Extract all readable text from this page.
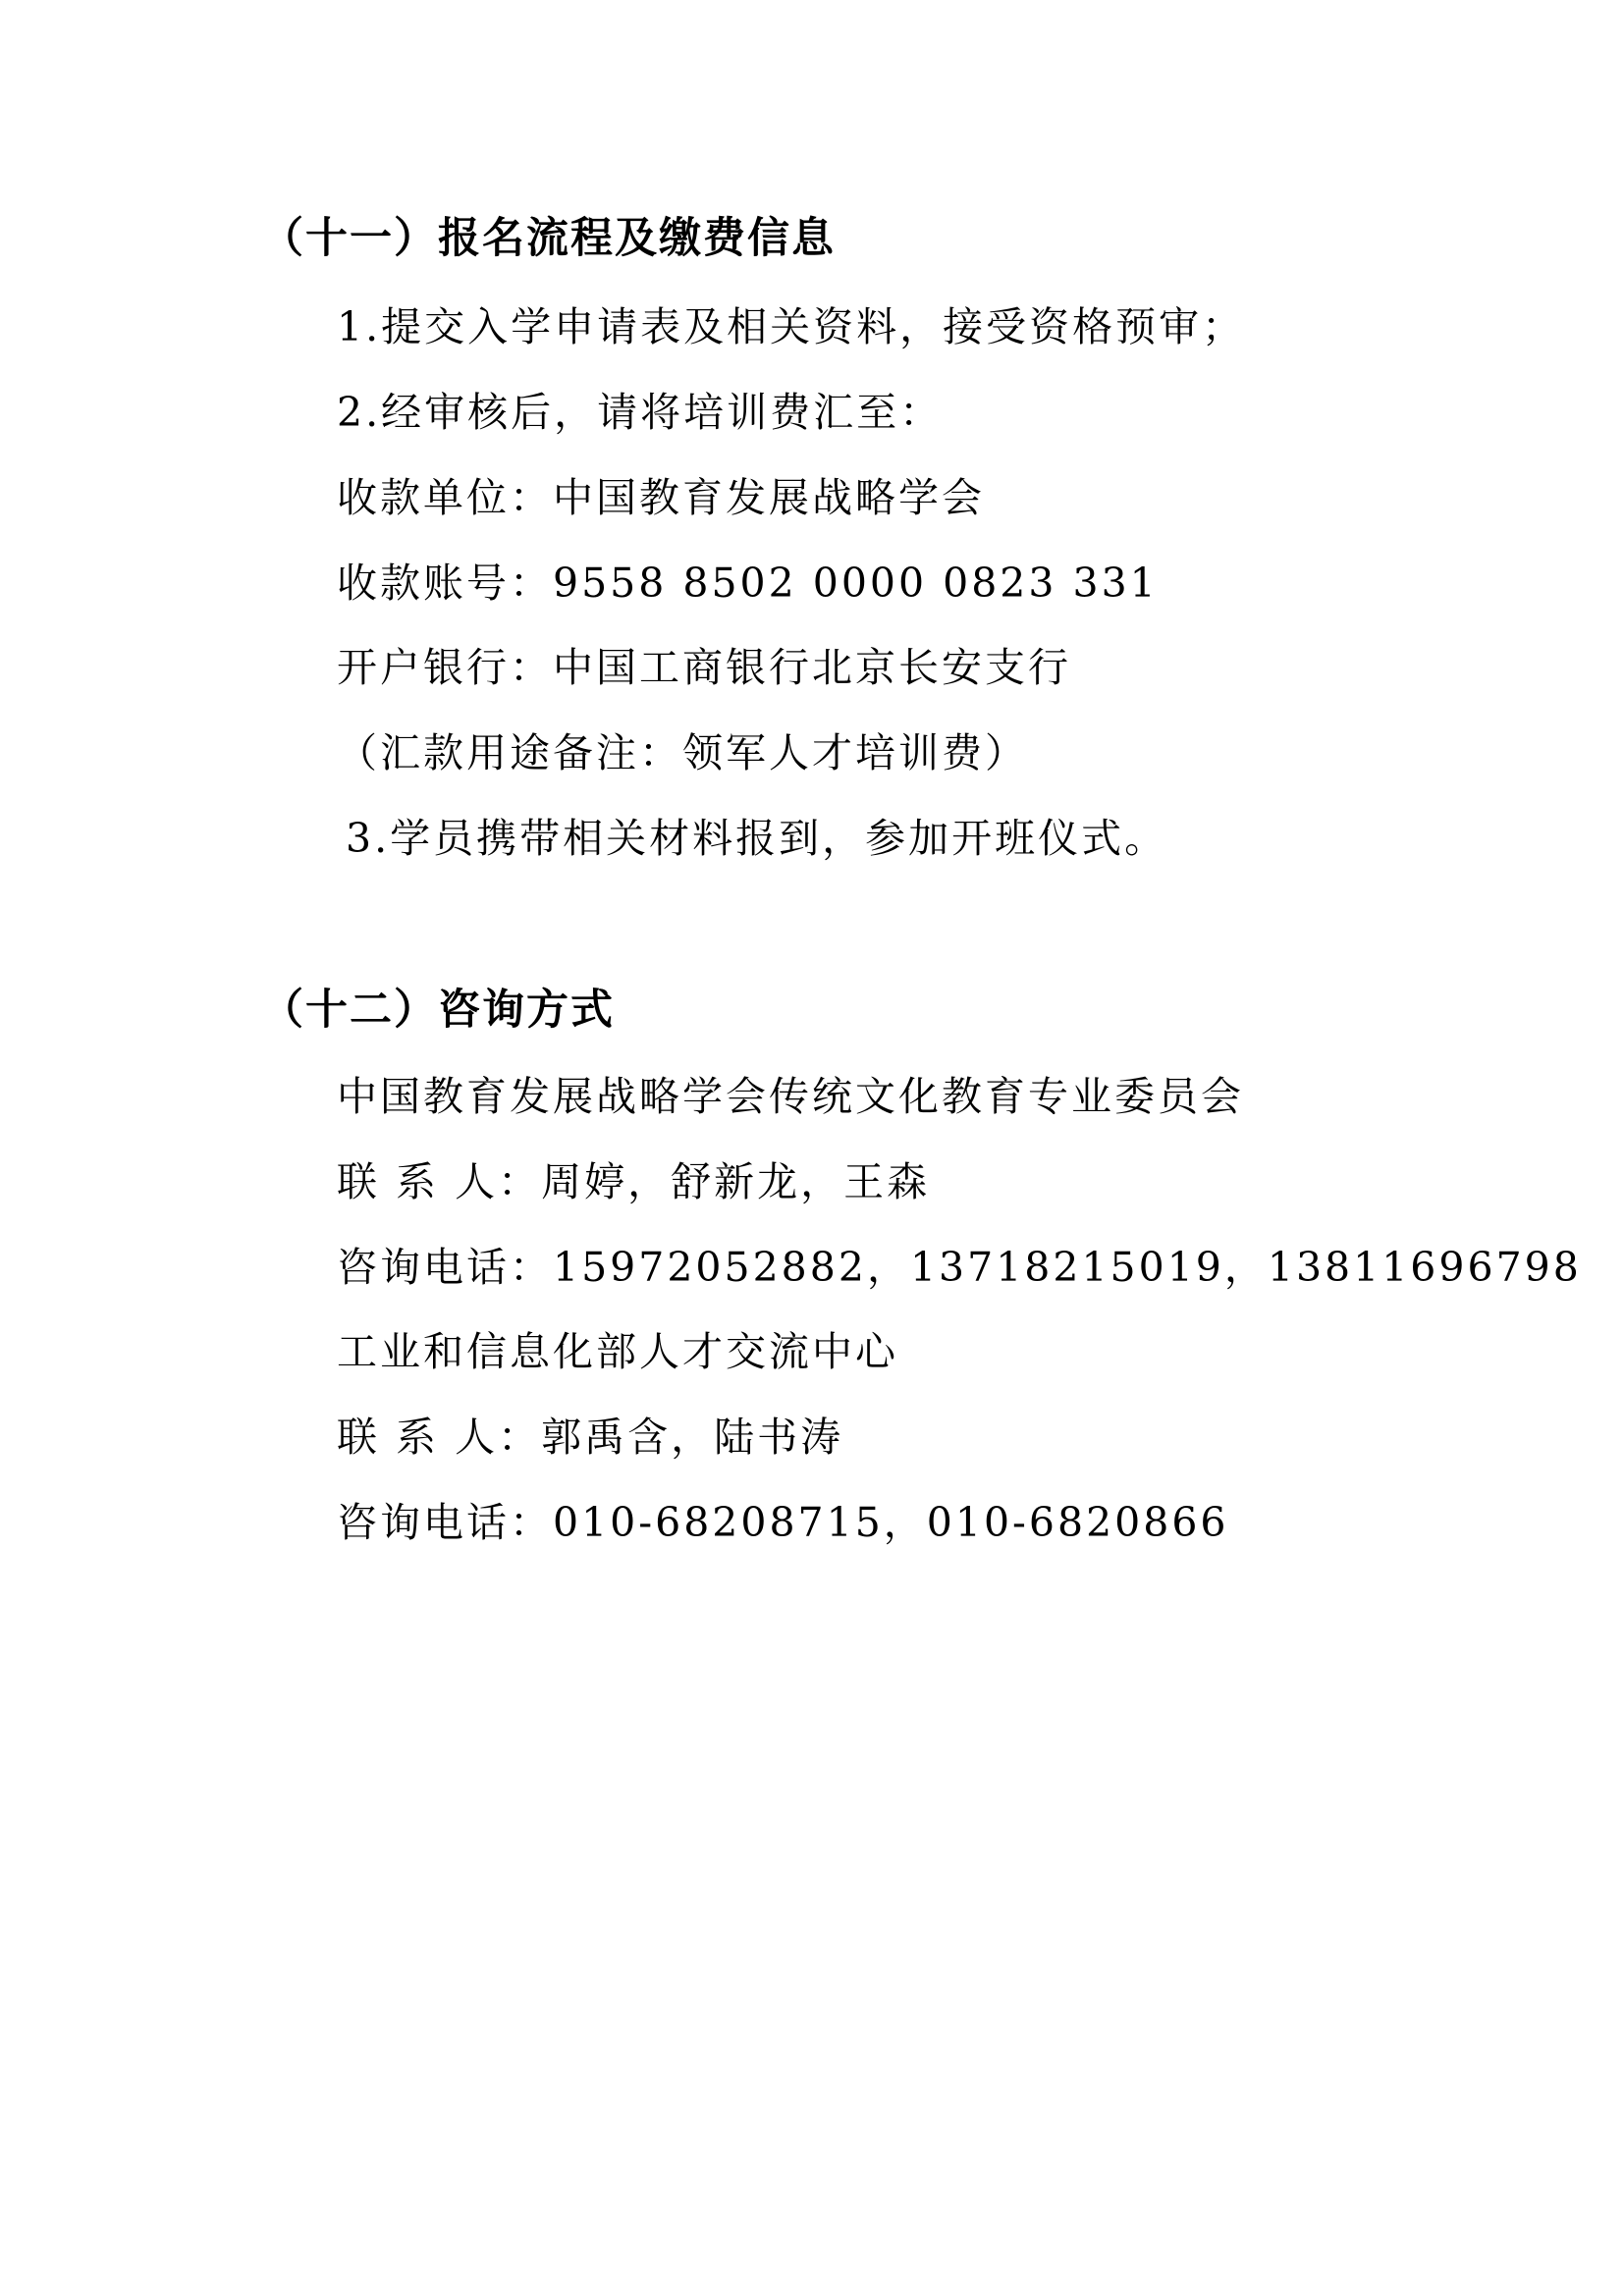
（十一）报名流程及缴费信息
1.提交入学申请表及相关资料，接受资格预审；
2.经审核后，请将培训费汇至：
收款单位：中国教育发展战略学会
收款账号：9558 8502 0000 0823 331
开户银行：中国工商银行北京长安支行
（汇款用途备注：领军人才培训费）
3.学员携带相关材料报到，参加开班仪式。
（十二）咨询方式
中国教育发展战略学会传统文化教育专业委员会
联 系 人：周婷，舒新龙，王森
咨询电话：15972052882，13718215019，13811696798
工业和信息化部人才交流中心
联 系 人：郭禹含，陆书涛
咨询电话：010-68208715，010-6820866
